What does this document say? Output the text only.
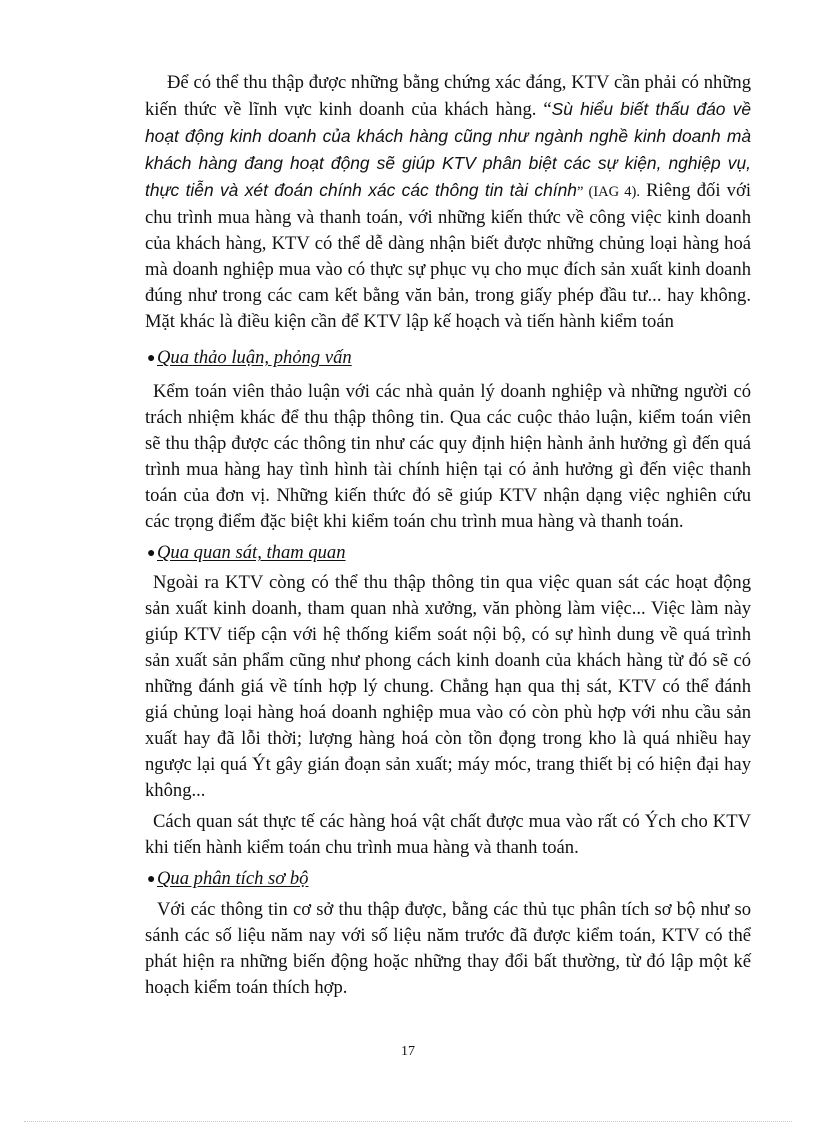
Để có thể thu thập được những bằng chứng xác đáng, KTV cần phải có những kiến thức về lĩnh vực kinh doanh của khách hàng. “Sù hiểu biết thấu đáo về hoạt động kinh doanh của khách hàng cũng như ngành nghề kinh doanh mà khách hàng đang hoạt động sẽ giúp KTV phân biệt các sự kiện, nghiệp vụ, thực tiễn và xét đoán chính xác các thông tin tài chính” (IAG 4). Riêng đối với chu trình mua hàng và thanh toán, với những kiến thức về công việc kinh doanh của khách hàng, KTV có thể dễ dàng nhận biết được những chủng loại hàng hoá mà doanh nghiệp mua vào có thực sự phục vụ cho mục đích sản xuất kinh doanh đúng như trong các cam kết bằng văn bản, trong giấy phép đầu tư... hay không. Mặt khác là điều kiện cần để KTV lập kế hoạch và tiến hành kiểm toán

●Qua thảo luận, phỏng vấn

Kểm toán viên thảo luận với các nhà quản lý doanh nghiệp và những người có trách nhiệm khác để thu thập thông tin. Qua các cuộc thảo luận, kiểm toán viên sẽ thu thập được các thông tin như các quy định hiện hành ảnh hưởng gì đến quá trình mua hàng hay tình hình tài chính hiện tại có ảnh hưởng gì đến việc thanh toán của đơn vị. Những kiến thức đó sẽ giúp KTV nhận dạng việc nghiên cứu các trọng điểm đặc biệt khi kiểm toán chu trình mua hàng và thanh toán.

●Qua quan sát, tham quan

Ngoài ra KTV còng có thể thu thập thông tin qua việc quan sát các hoạt động sản xuất kinh doanh, tham quan nhà xưởng, văn phòng làm việc... Việc làm này giúp KTV tiếp cận với hệ thống kiểm soát nội bộ, có sự hình dung về quá trình sản xuất sản phẩm cũng như phong cách kinh doanh của khách hàng từ đó sẽ có những đánh giá về tính hợp lý chung. Chẳng hạn qua thị sát, KTV có thể đánh giá chủng loại hàng hoá doanh nghiệp mua vào có còn phù hợp với nhu cầu sản xuất hay đã lỗi thời; lượng hàng hoá còn tồn đọng trong kho là quá nhiều hay ngược lại quá Ýt gây gián đoạn sản xuất; máy móc, trang thiết bị có hiện đại hay không...

Cách quan sát thực tế các hàng hoá vật chất được mua vào rất có Ých cho KTV khi tiến hành kiểm toán chu trình mua hàng và thanh toán.

●Qua phân tích sơ bộ

Với các thông tin cơ sở thu thập được, bằng các thủ tục phân tích sơ bộ như so sánh các số liệu năm nay với số liệu năm trước đã được kiểm toán, KTV có thể phát hiện ra những biến động hoặc những thay đổi bất thường, từ đó lập một kế hoạch kiểm toán thích hợp.

17
